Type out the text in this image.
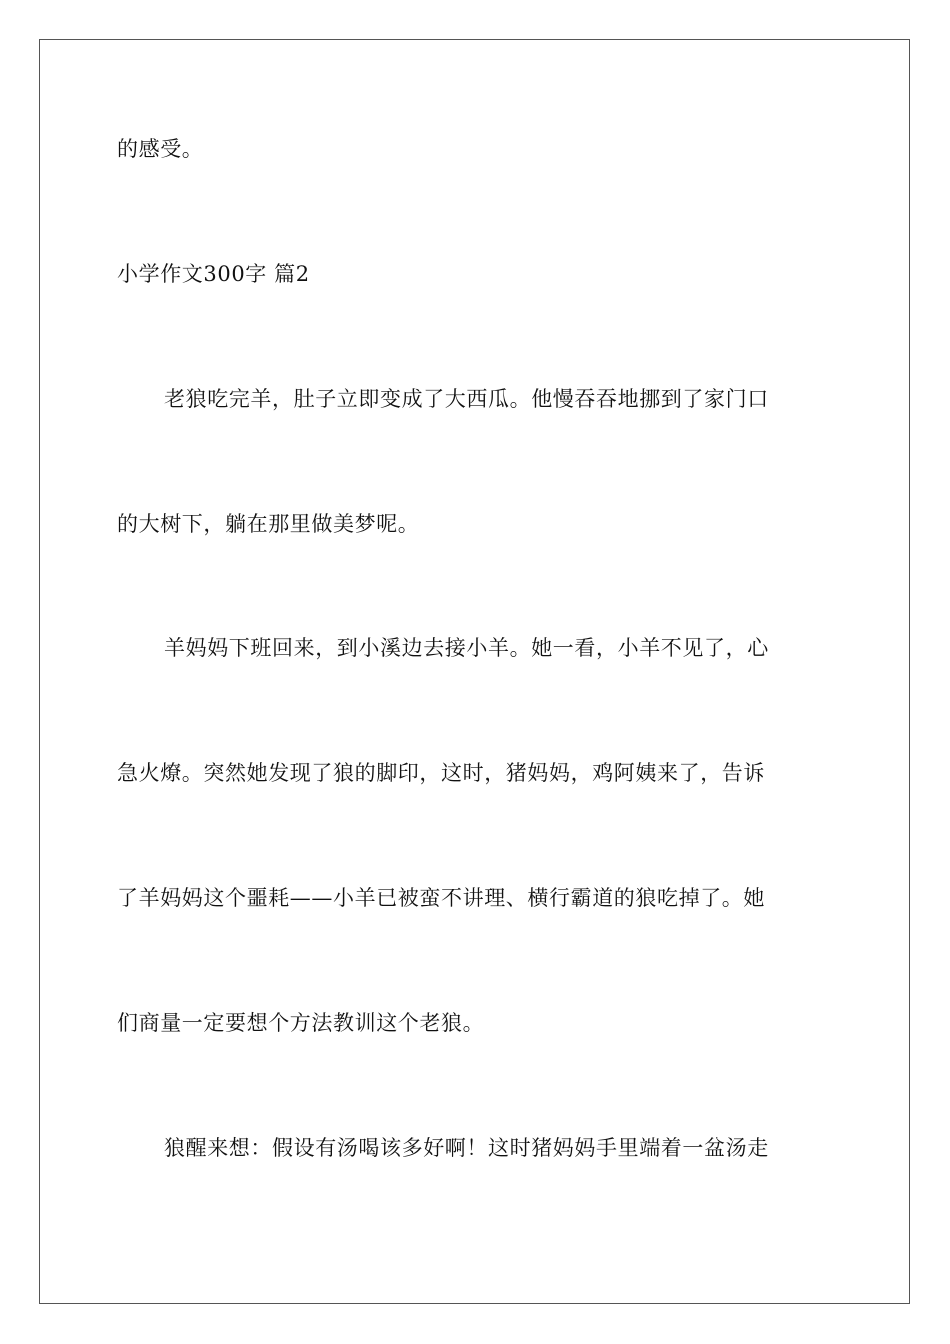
的感受。
小学作文300字 篇2
老狼吃完羊，肚子立即变成了大西瓜。他慢吞吞地挪到了家门口
的大树下，躺在那里做美梦呢。
羊妈妈下班回来，到小溪边去接小羊。她一看，小羊不见了，心
急火燎。突然她发现了狼的脚印，这时，猪妈妈，鸡阿姨来了，告诉
了羊妈妈这个噩耗——小羊已被蛮不讲理、横行霸道的狼吃掉了。她
们商量一定要想个方法教训这个老狼。
狼醒来想：假设有汤喝该多好啊！这时猪妈妈手里端着一盆汤走
